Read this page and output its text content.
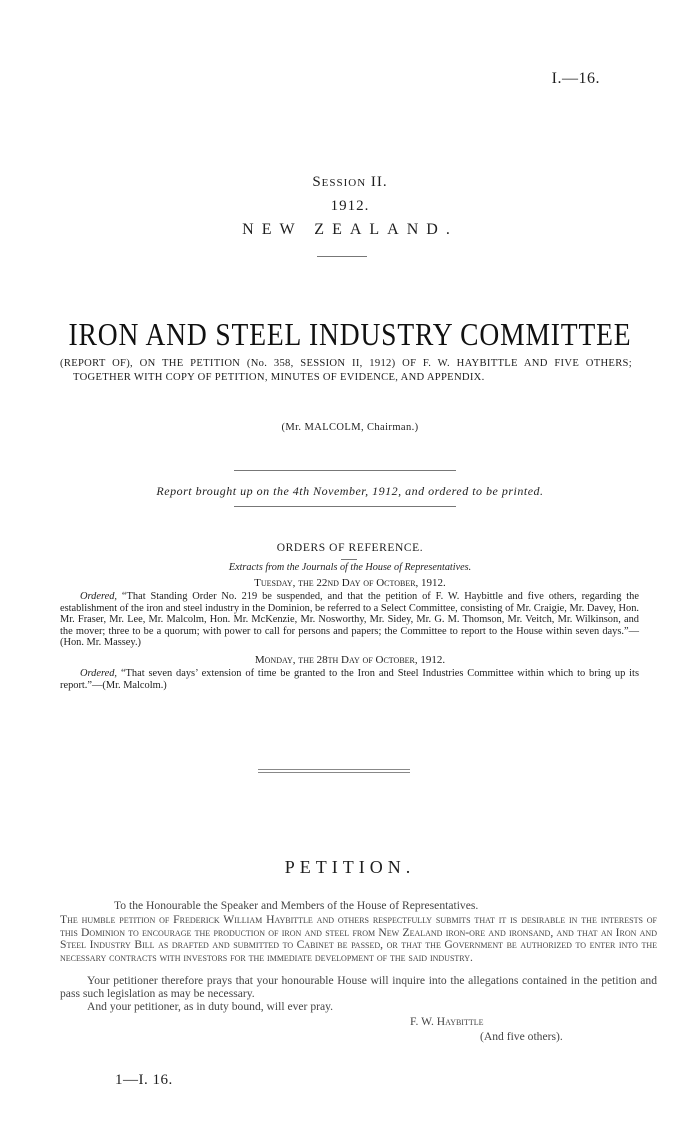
I.—16.
Session II.
1912.
NEW ZEALAND.
IRON AND STEEL INDUSTRY COMMITTEE
(REPORT OF), ON THE PETITION (No. 358, SESSION II, 1912) OF F. W. HAYBITTLE AND FIVE OTHERS; TOGETHER WITH COPY OF PETITION, MINUTES OF EVIDENCE, AND APPENDIX.
(Mr. MALCOLM, Chairman.)
Report brought up on the 4th November, 1912, and ordered to be printed.
ORDERS OF REFERENCE.
Extracts from the Journals of the House of Representatives.
Tuesday, the 22nd Day of October, 1912.
Ordered, “That Standing Order No. 219 be suspended, and that the petition of F. W. Haybittle and five others, regarding the establishment of the iron and steel industry in the Dominion, be referred to a Select Committee, consisting of Mr. Craigie, Mr. Davey, Hon. Mr. Fraser, Mr. Lee, Mr. Malcolm, Hon. Mr. McKenzie, Mr. Nosworthy, Mr. Sidey, Mr. G. M. Thomson, Mr. Veitch, Mr. Wilkinson, and the mover; three to be a quorum; with power to call for persons and papers; the Committee to report to the House within seven days.”—(Hon. Mr. Massey.)
Monday, the 28th Day of October, 1912.
Ordered, “That seven days’ extension of time be granted to the Iron and Steel Industries Committee within which to bring up its report.”—(Mr. Malcolm.)
PETITION.
To the Honourable the Speaker and Members of the House of Representatives.
The humble petition of Frederick William Haybittle and others respectfully submits that it is desirable in the interests of this Dominion to encourage the production of iron and steel from New Zealand iron-ore and ironsand, and that an Iron and Steel Industry Bill as drafted and submitted to Cabinet be passed, or that the Government be authorized to enter into the necessary contracts with investors for the immediate development of the said industry.
Your petitioner therefore prays that your honourable House will inquire into the allegations contained in the petition and pass such legislation as may be necessary.
And your petitioner, as in duty bound, will ever pray.
F. W. Haybittle
(And five others).
1—I. 16.
